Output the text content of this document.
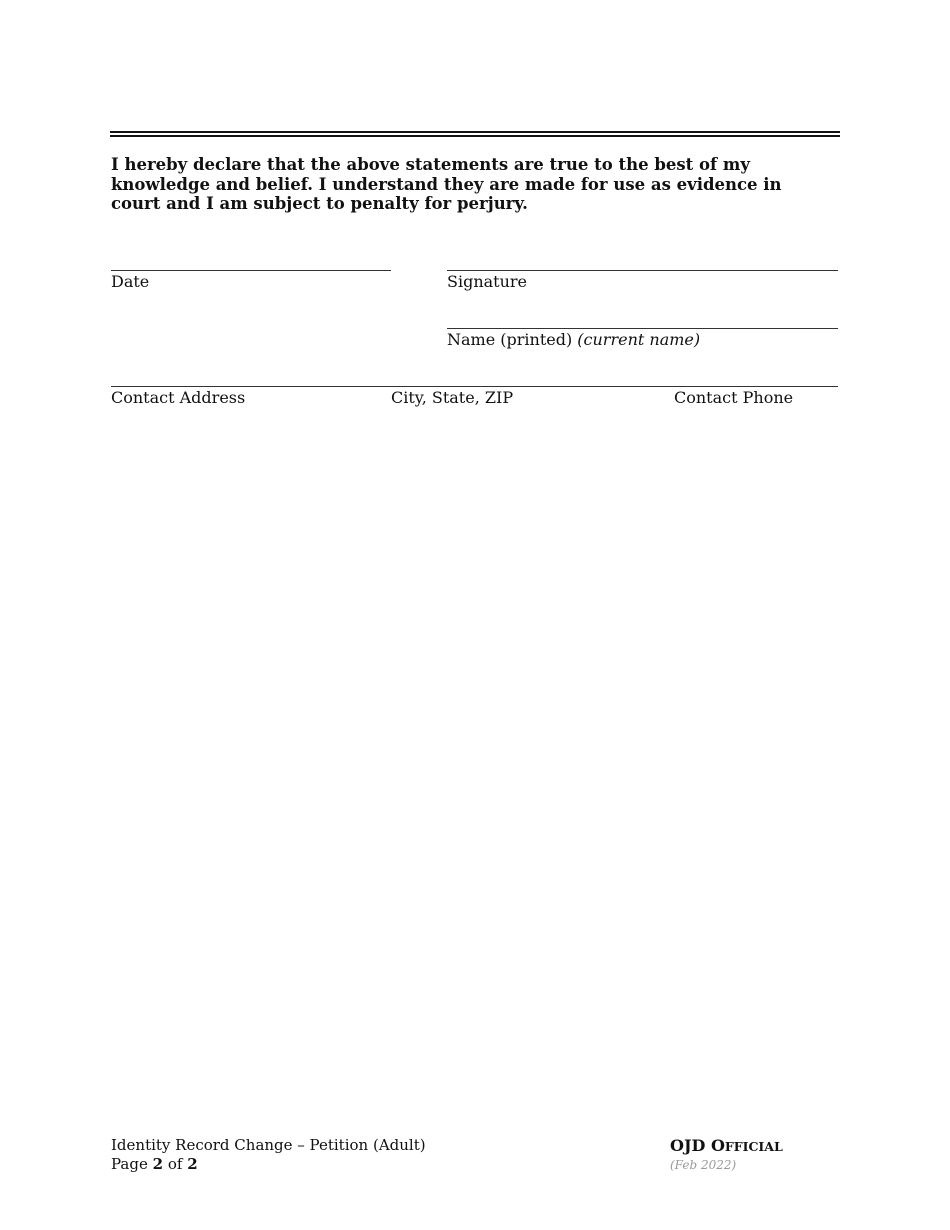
I hereby declare that the above statements are true to the best of my knowledge and belief. I understand they are made for use as evidence in court and I am subject to penalty for perjury.
Date	Signature
Name (printed) (current name)
Contact Address	City, State, ZIP	Contact Phone
Identity Record Change – Petition (Adult)
Page 2 of 2
OJD OFFICIAL
(Feb 2022)
